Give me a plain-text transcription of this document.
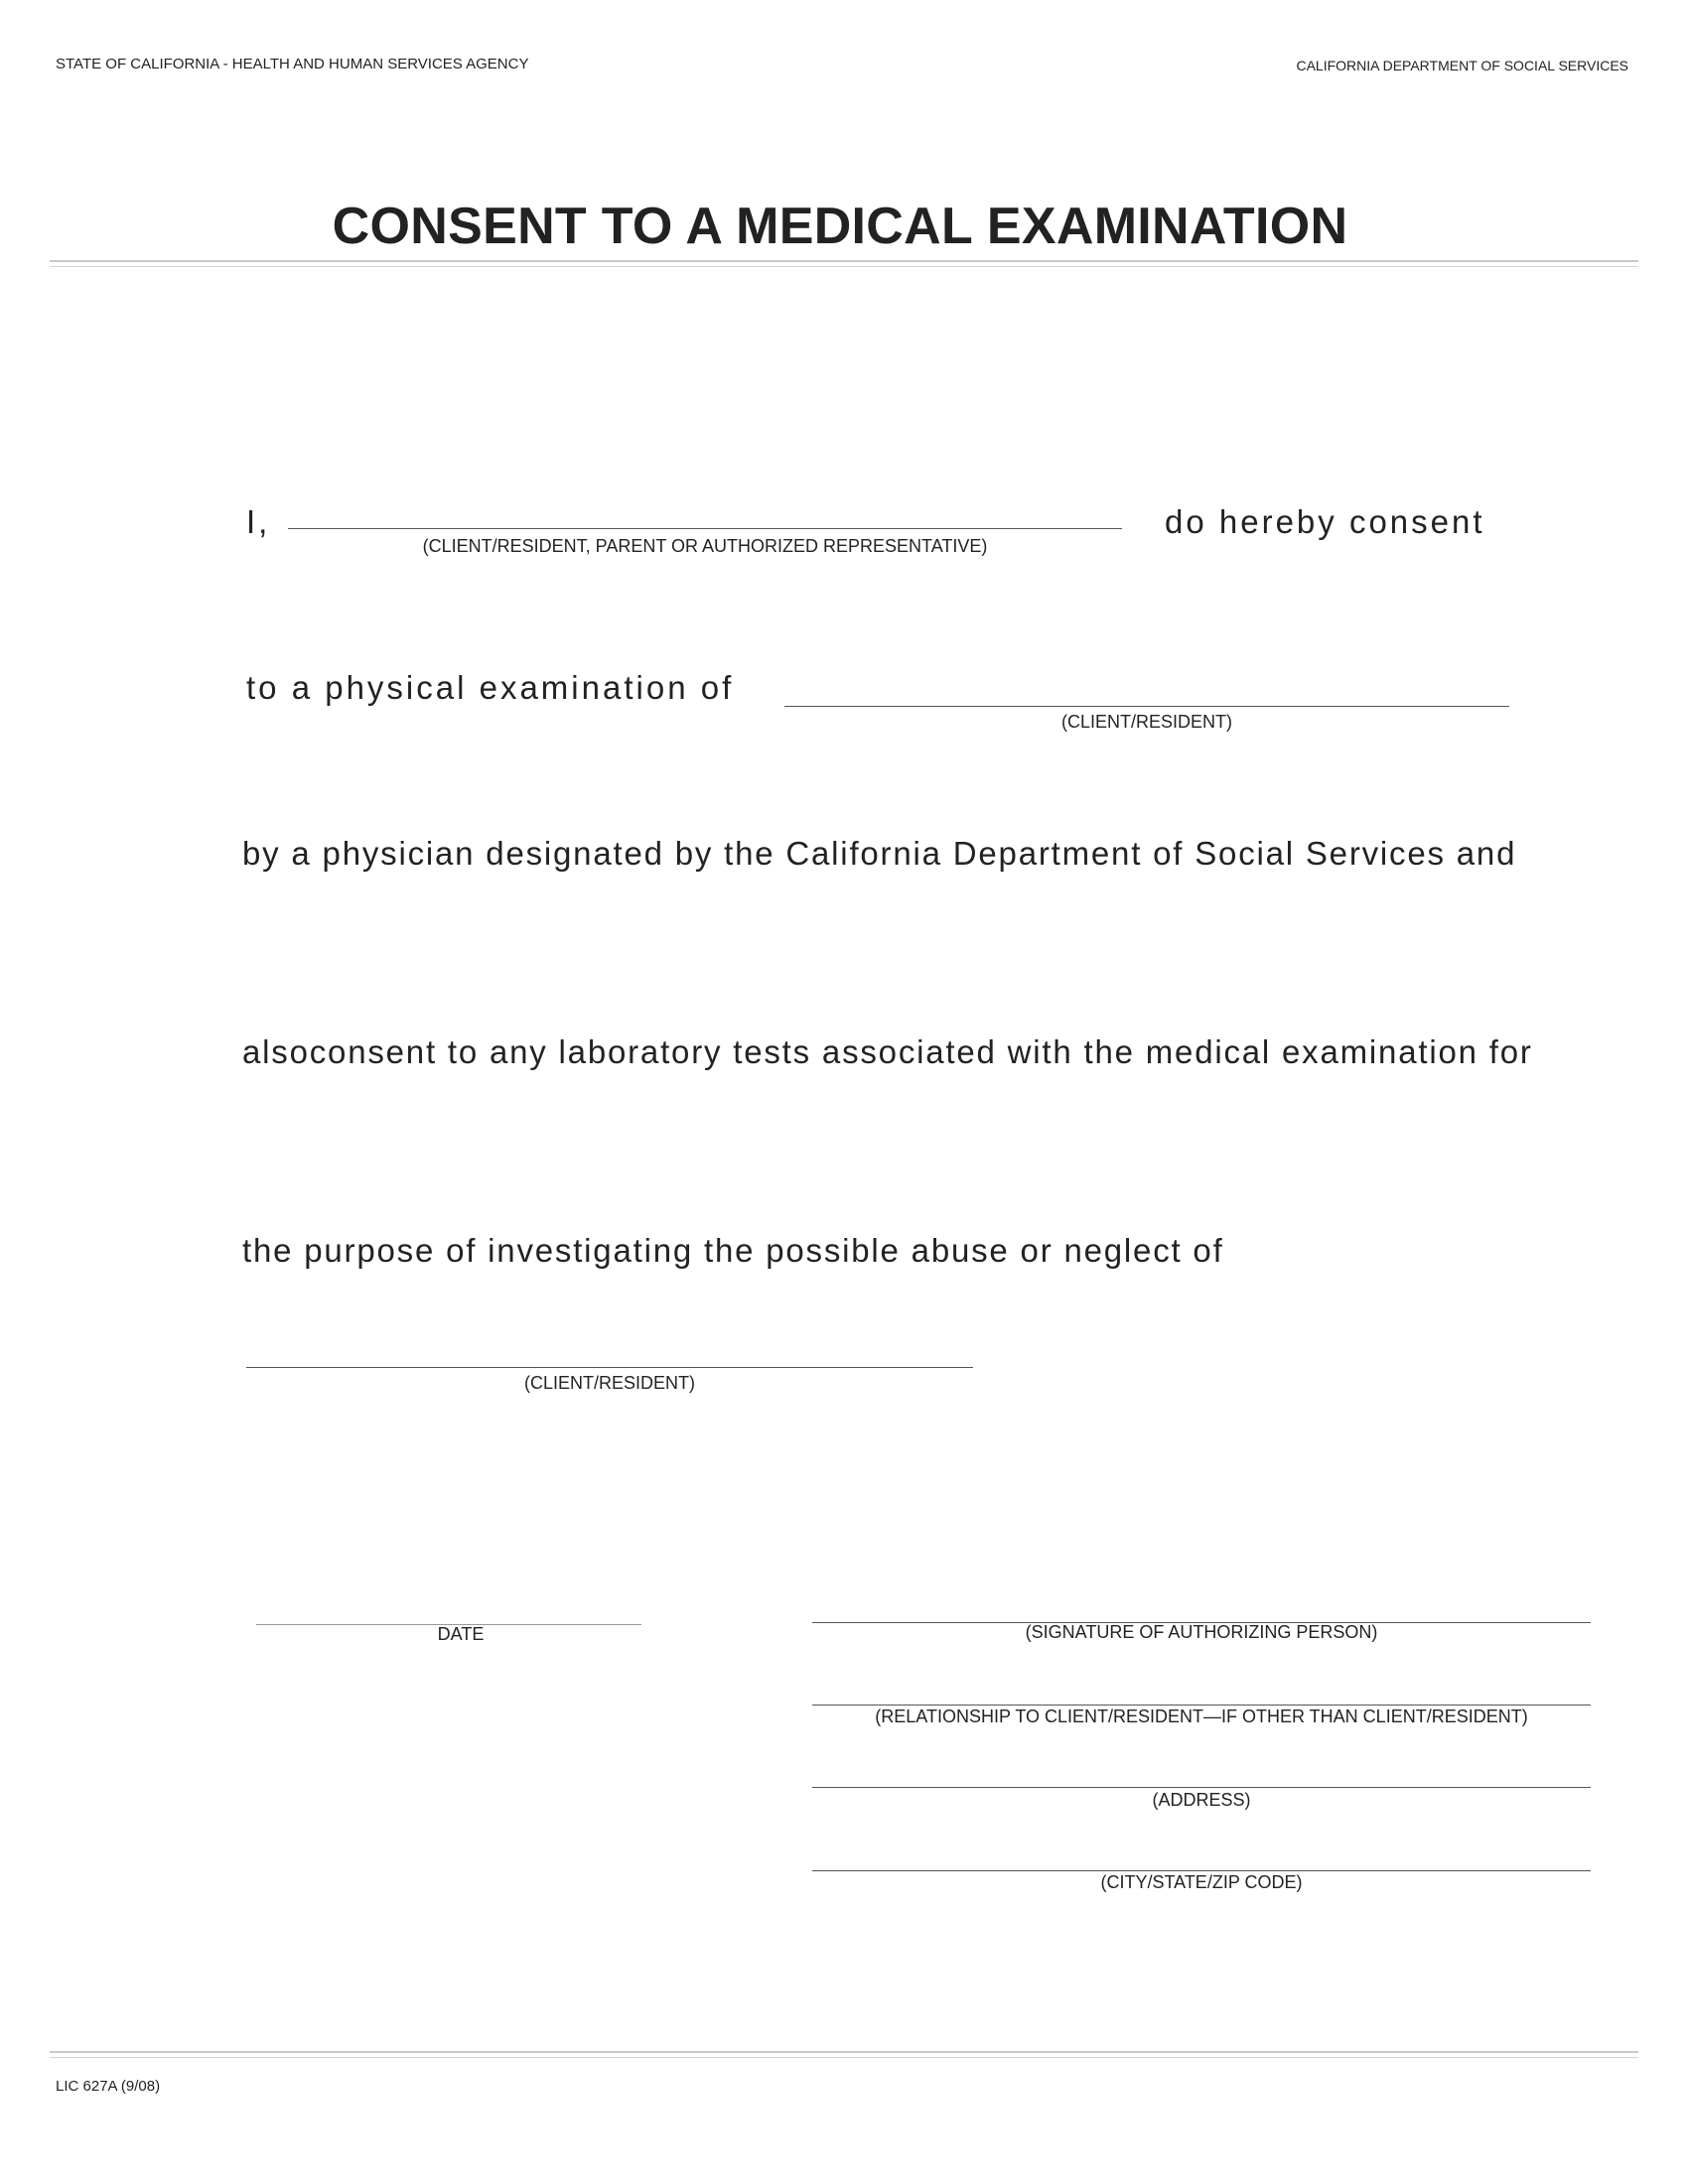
STATE OF CALIFORNIA - HEALTH AND HUMAN SERVICES AGENCY	CALIFORNIA DEPARTMENT OF SOCIAL SERVICES
CONSENT TO A MEDICAL EXAMINATION
I,
(CLIENT/RESIDENT, PARENT OR AUTHORIZED REPRESENTATIVE)
do hereby consent
to a physical examination of
(CLIENT/RESIDENT)
by a physician designated by the California Department of Social Services and
alsoconsent to any laboratory tests associated with the medical examination for
the purpose of investigating the possible abuse or neglect of
(CLIENT/RESIDENT)
DATE	(SIGNATURE OF AUTHORIZING PERSON)
(RELATIONSHIP TO CLIENT/RESIDENT—IF OTHER THAN CLIENT/RESIDENT)
(ADDRESS)
(CITY/STATE/ZIP CODE)
LIC 627A (9/08)
